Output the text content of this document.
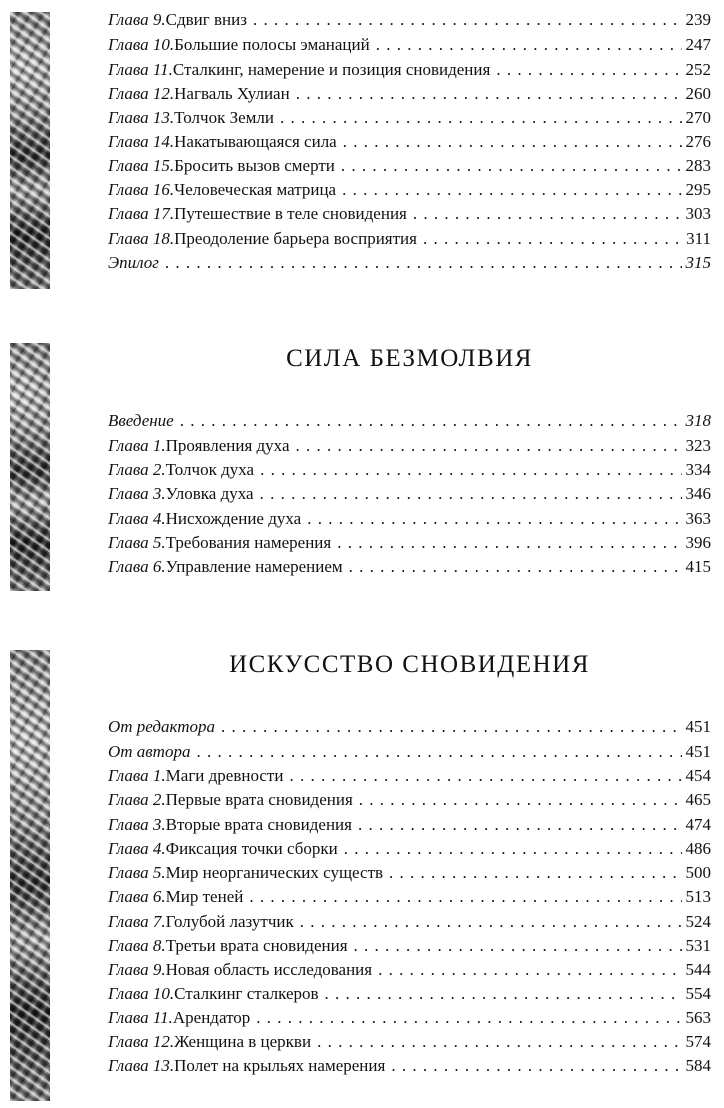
Глава 9. Сдвиг вниз . . .	239
Глава 10. Большие полосы эманаций . . .	247
Глава 11. Сталкинг, намерение и позиция сновидения . . .	252
Глава 12. Нагваль Хулиан . . .	260
Глава 13. Толчок Земли . . .	270
Глава 14. Накатывающаяся сила . . .	276
Глава 15. Бросить вызов смерти . . .	283
Глава 16. Человеческая матрица . . .	295
Глава 17. Путешествие в теле сновидения . . .	303
Глава 18. Преодоление барьера восприятия . . .	311
Эпилог . . .	315
СИЛА БЕЗМОЛВИЯ
Введение . . .	318
Глава 1. Проявления духа . . .	323
Глава 2. Толчок духа . . .	334
Глава 3. Уловка духа . . .	346
Глава 4. Нисхождение духа . . .	363
Глава 5. Требования намерения . . .	396
Глава 6. Управление намерением . . .	415
ИСКУССТВО СНОВИДЕНИЯ
От редактора . . .	451
От автора . . .	451
Глава 1. Маги древности . . .	454
Глава 2. Первые врата сновидения . . .	465
Глава 3. Вторые врата сновидения . . .	474
Глава 4. Фиксация точки сборки . . .	486
Глава 5. Мир неорганических существ . . .	500
Глава 6. Мир теней . . .	513
Глава 7. Голубой лазутчик . . .	524
Глава 8. Третьи врата сновидения . . .	531
Глава 9. Новая область исследования . . .	544
Глава 10. Сталкинг сталкеров . . .	554
Глава 11. Арендатор . . .	563
Глава 12. Женщина в церкви . . .	574
Глава 13. Полет на крыльях намерения . . .	584
